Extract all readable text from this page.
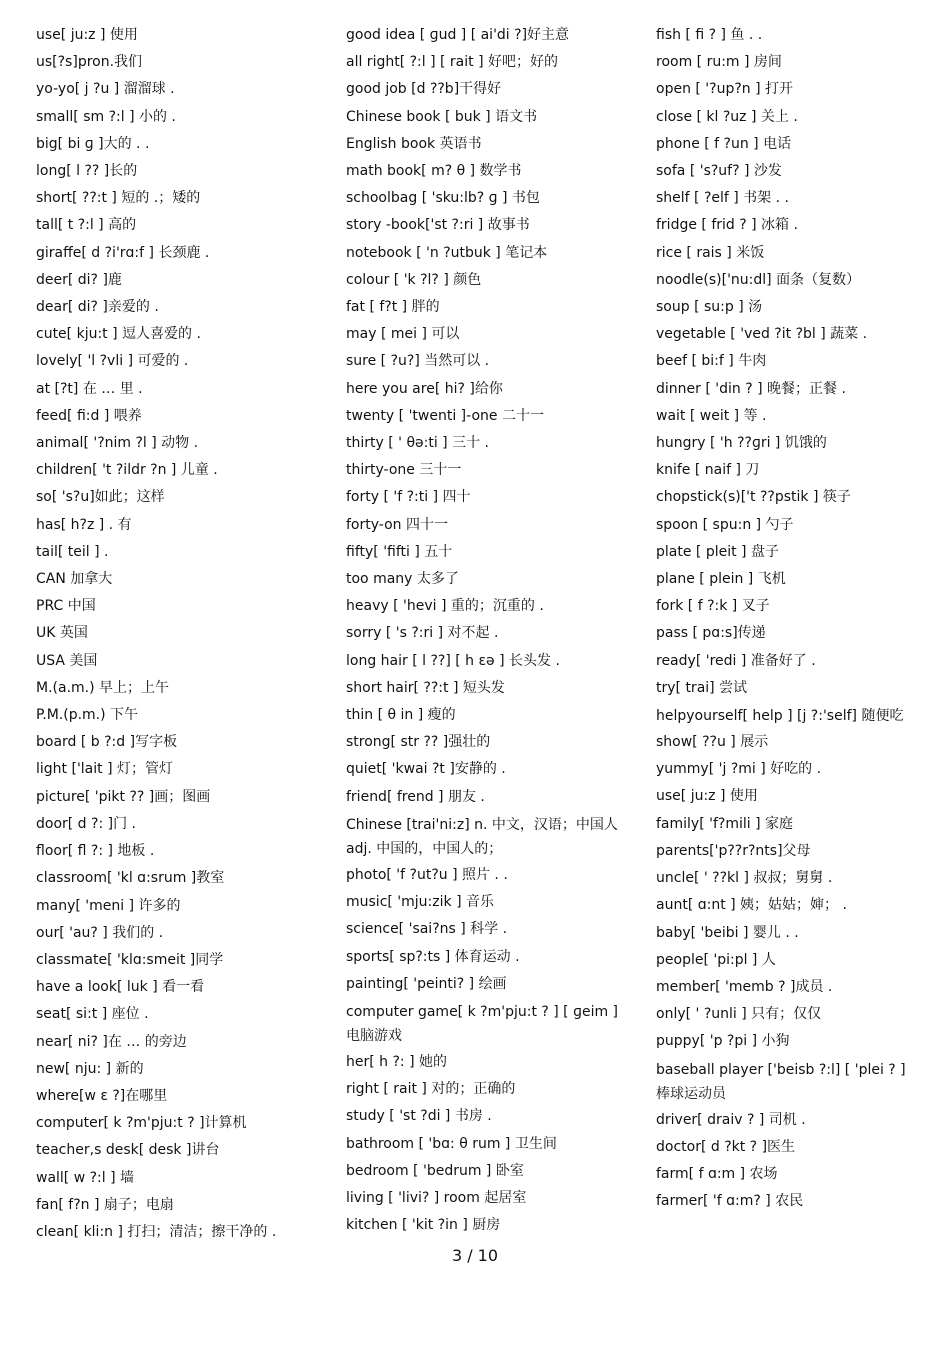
use[ ju:z ] 使用
us[?s]pron.我们
yo-yo[ j ?u ] 溜溜球 .
small[ sm ?:l ] 小的 .
big[ bi ɡ ]大的 . .
long[ l ?? ]长的
short[ ??:t ] 短的 .；矮的
tall[ t ?:l ] 高的
giraffe[ d ?i'rɑ:f ] 长颈鹿 .
deer[ di? ]鹿
dear[ di? ]亲爱的 .
cute[ kju:t ] 逗人喜爱的 .
lovely[ 'l ?vli ] 可爱的 .
at [?t] 在 … 里 .
feed[ fi:d ] 喂养
animal[ '?nim ?l ] 动物 .
children[ 't ?ildr ?n ] 儿童 .
so[ 's?u]如此；这样
has[ h?z ] . 有
tail[ teil ] .
CAN 加拿大
PRC 中国
UK 英国
USA 美国
M.(a.m.) 早上；上午
P.M.(p.m.) 下午
board [ b ?:d ]写字板
light ['lait ] 灯；管灯
picture[ 'pikt ?? ]画；图画
door[ d ?: ]门 .
floor[ fl ?: ] 地板 .
classroom[ 'kl ɑ:srum ]教室
many[ 'meni ] 许多的
our[ 'au? ] 我们的 .
classmate[ 'klɑ:smeit ]同学
have a look[ luk ] 看一看
seat[ si:t ] 座位 .
near[ ni? ]在 … 的旁边
new[ nju: ] 新的
where[w ε ?]在哪里
computer[ k ?m'pju:t ? ]计算机
teacher,s desk[ desk ]讲台
wall[ w ?:l ] 墙
fan[ f?n ] 扇子；电扇
clean[ kli:n ] 打扫；清洁；擦干净的 .
good idea [ ɡud ] [ ai'di ?]好主意
all right[ ?:l ] [ rait ] 好吧；好的
good job [d ??b]干得好
Chinese book [ buk ] 语文书
English book 英语书
math book[ m? θ ] 数学书
schoolbag [ 'sku:lb? ɡ ] 书包
story -book['st ?:ri ] 故事书
notebook [ 'n ?utbuk ] 笔记本
colour [ 'k ?l? ] 颜色
fat [ f?t ] 胖的
may [ mei ] 可以
sure [ ?u?] 当然可以 .
here you are[ hi? ]给你
twenty [ 'twenti ]-one 二十一
thirty [ ' θə:ti ] 三十 .
thirty-one 三十一
forty [ 'f ?:ti ] 四十
forty-on 四十一
fifty[ 'fifti ] 五十
too many 太多了
heavy [ 'hevi ] 重的；沉重的 .
sorry [ 's ?:ri ] 对不起 .
long hair [ l ??] [ h ɛə ] 长头发 .
short hair[ ??:t ] 短头发
thin [ θ in ] 瘦的
strong[ str ?? ]强壮的
quiet[ 'kwai ?t ]安静的 .
friend[ frend ] 朋友 .
Chinese [trai'ni:z] n. 中文，汉语；中国人 adj. 中国的，中国人的；
photo[ 'f ?ut?u ] 照片 . .
music[ 'mju:zik ] 音乐
science[ 'sai?ns ] 科学 .
sports[ sp?:ts ] 体育运动 .
painting[ 'peinti? ] 绘画
computer game[ k ?m'pju:t ? ] [ ɡeim ] 电脑游戏
her[ h ?: ] 她的
right [ rait ] 对的；正确的
study [ 'st ?di ] 书房 .
bathroom [ 'bɑ: θ rum ] 卫生间
bedroom [ 'bedrum ] 卧室
living [ 'livi? ] room 起居室
kitchen [ 'kit ?in ] 厨房
fish [ fi ? ] 鱼 . .
room [ ru:m ] 房间
open [ '?up?n ] 打开
close [ kl ?uz ] 关上 .
phone [ f ?un ] 电话
sofa [ 's?uf? ] 沙发
shelf [ ?elf ] 书架 . .
fridge [ frid ? ] 冰箱 .
rice [ rais ] 米饭
noodle(s)['nu:dl] 面条（复数）
soup [ su:p ] 汤
vegetable [ 'ved ?it ?bl ] 蔬菜 .
beef [ bi:f ] 牛肉
dinner [ 'din ? ] 晚餐；正餐 .
wait [ weit ] 等 .
hungry [ 'h ??ɡri ] 饥饿的
knife [ naif ] 刀
chopstick(s)['t ??pstik ] 筷子
spoon [ spu:n ] 勺子
plate [ pleit ] 盘子
plane [ plein ] 飞机
fork [ f ?:k ] 叉子
pass [ pɑ:s]传递
ready[ 'redi ] 准备好了 .
try[ trai] 尝试
helpyourself[ help ] [j ?:'self] 随便吃
show[ ??u ] 展示
yummy[ 'j ?mi ] 好吃的 .
use[ ju:z ] 使用
family[ 'f?mili ] 家庭
parents['p??r?nts]父母
uncle[ ' ??kl ] 叔叔；舅舅 .
aunt[ ɑ:nt ] 姨；姑姑；婶； .
baby[ 'beibi ] 婴儿 . .
people[ 'pi:pl ] 人
member[ 'memb ? ]成员 .
only[ ' ?unli ] 只有；仅仅
puppy[ 'p ?pi ] 小狗
baseball player ['beisb ?:l] [ 'plei ? ] 棒球运动员
driver[ draiv ? ] 司机 .
doctor[ d ?kt ? ]医生
farm[ f ɑ:m ] 农场
farmer[ 'f ɑ:m? ] 农民
3 / 10
